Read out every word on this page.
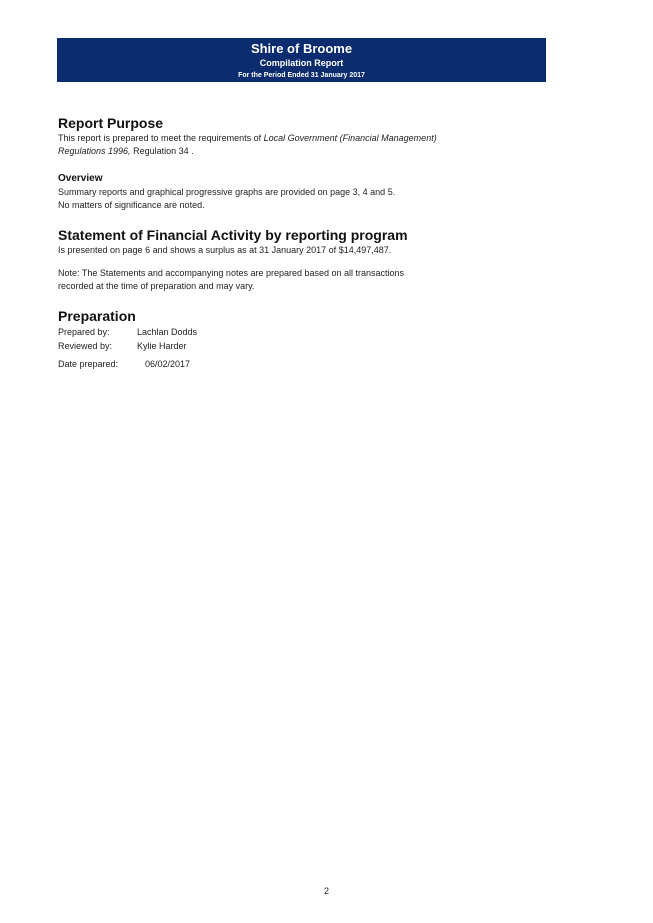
Shire of Broome
Compilation Report
For the Period Ended 31 January 2017
Report Purpose

This report is prepared to meet the requirements of Local Government (Financial Management)
Regulations 1996, Regulation 34 .

Overview

Summary reports and graphical progressive graphs are provided on page 3, 4 and 5.

No matters of significance are noted.

Statement of Financial Activity by reporting program

Is presented on page 6 and shows a surplus as at 31 January 2017 of $14,497,487.

Note: The Statements and accompanying notes are prepared based on all transactions

recorded at the time of preparation and may vary.

Preparation
Prepared by:	Lachlan Dodds
Reviewed by:	Kylie Harder
Date prepared:	06/02/2017
2
